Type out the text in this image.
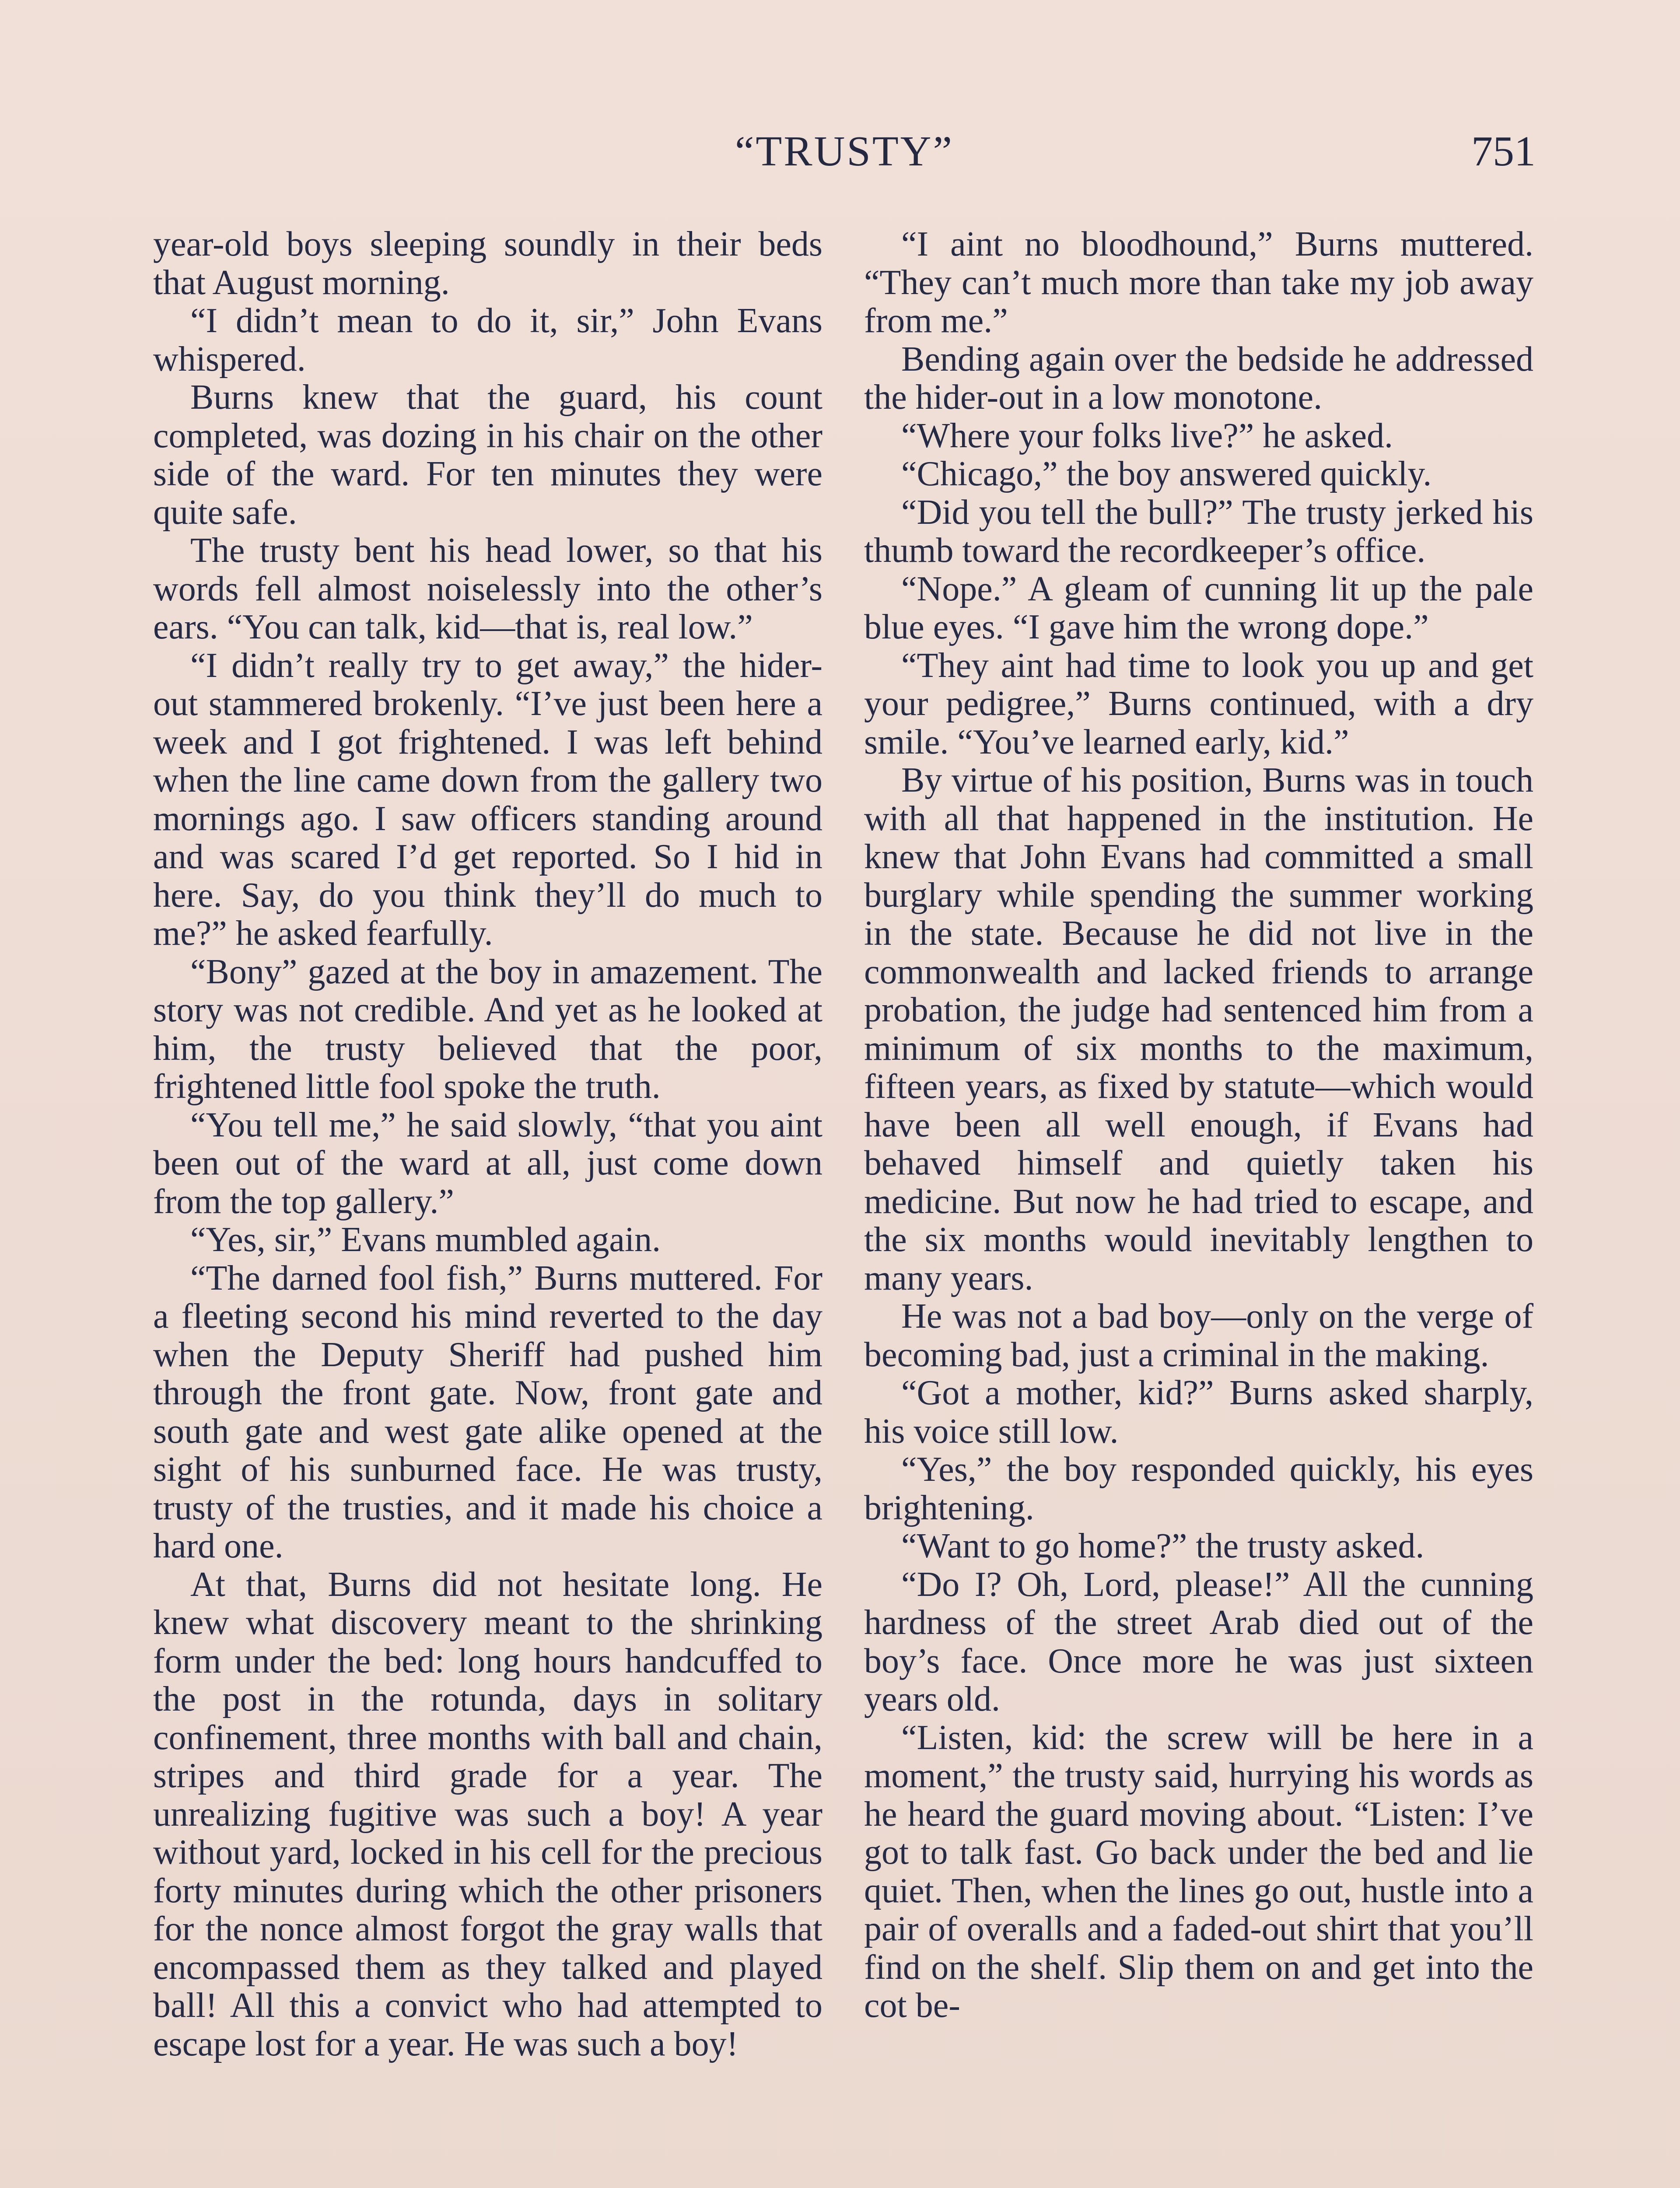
“TRUSTY”	751

year-old boys sleeping soundly in their beds that August morning.

“I didn’t mean to do it, sir,” John Evans whispered.

Burns knew that the guard, his count completed, was dozing in his chair on the other side of the ward. For ten minutes they were quite safe.

The trusty bent his head lower, so that his words fell almost noiselessly into the other’s ears. “You can talk, kid—that is, real low.”

“I didn’t really try to get away,” the hider-out stammered brokenly. “I’ve just been here a week and I got frightened. I was left behind when the line came down from the gallery two mornings ago. I saw officers standing around and was scared I’d get reported. So I hid in here. Say, do you think they’ll do much to me?” he asked fearfully.

“Bony” gazed at the boy in amazement. The story was not credible. And yet as he looked at him, the trusty believed that the poor, frightened little fool spoke the truth.

“You tell me,” he said slowly, “that you aint been out of the ward at all, just come down from the top gallery.”

“Yes, sir,” Evans mumbled again.

“The darned fool fish,” Burns muttered. For a fleeting second his mind reverted to the day when the Deputy Sheriff had pushed him through the front gate. Now, front gate and south gate and west gate alike opened at the sight of his sunburned face. He was trusty, trusty of the trusties, and it made his choice a hard one.

At that, Burns did not hesitate long. He knew what discovery meant to the shrinking form under the bed: long hours handcuffed to the post in the rotunda, days in solitary confinement, three months with ball and chain, stripes and third grade for a year. The unrealizing fugitive was such a boy! A year without yard, locked in his cell for the precious forty minutes during which the other prisoners for the nonce almost forgot the gray walls that encompassed them as they talked and played ball! All this a convict who had attempted to escape lost for a year. He was such a boy!

“I aint no bloodhound,” Burns muttered. “They can’t much more than take my job away from me.”

Bending again over the bedside he addressed the hider-out in a low monotone.

“Where your folks live?” he asked.

“Chicago,” the boy answered quickly.

“Did you tell the bull?” The trusty jerked his thumb toward the recordkeeper’s office.

“Nope.” A gleam of cunning lit up the pale blue eyes. “I gave him the wrong dope.”

“They aint had time to look you up and get your pedigree,” Burns continued, with a dry smile. “You’ve learned early, kid.”

By virtue of his position, Burns was in touch with all that happened in the institution. He knew that John Evans had committed a small burglary while spending the summer working in the state. Because he did not live in the commonwealth and lacked friends to arrange probation, the judge had sentenced him from a minimum of six months to the maximum, fifteen years, as fixed by statute—which would have been all well enough, if Evans had behaved himself and quietly taken his medicine. But now he had tried to escape, and the six months would inevitably lengthen to many years.

He was not a bad boy—only on the verge of becoming bad, just a criminal in the making.

“Got a mother, kid?” Burns asked sharply, his voice still low.

“Yes,” the boy responded quickly, his eyes brightening.

“Want to go home?” the trusty asked.

“Do I? Oh, Lord, please!” All the cunning hardness of the street Arab died out of the boy’s face. Once more he was just sixteen years old.

“Listen, kid: the screw will be here in a moment,” the trusty said, hurrying his words as he heard the guard moving about. “Listen: I’ve got to talk fast. Go back under the bed and lie quiet. Then, when the lines go out, hustle into a pair of overalls and a faded-out shirt that you’ll find on the shelf. Slip them on and get into the cot be-
